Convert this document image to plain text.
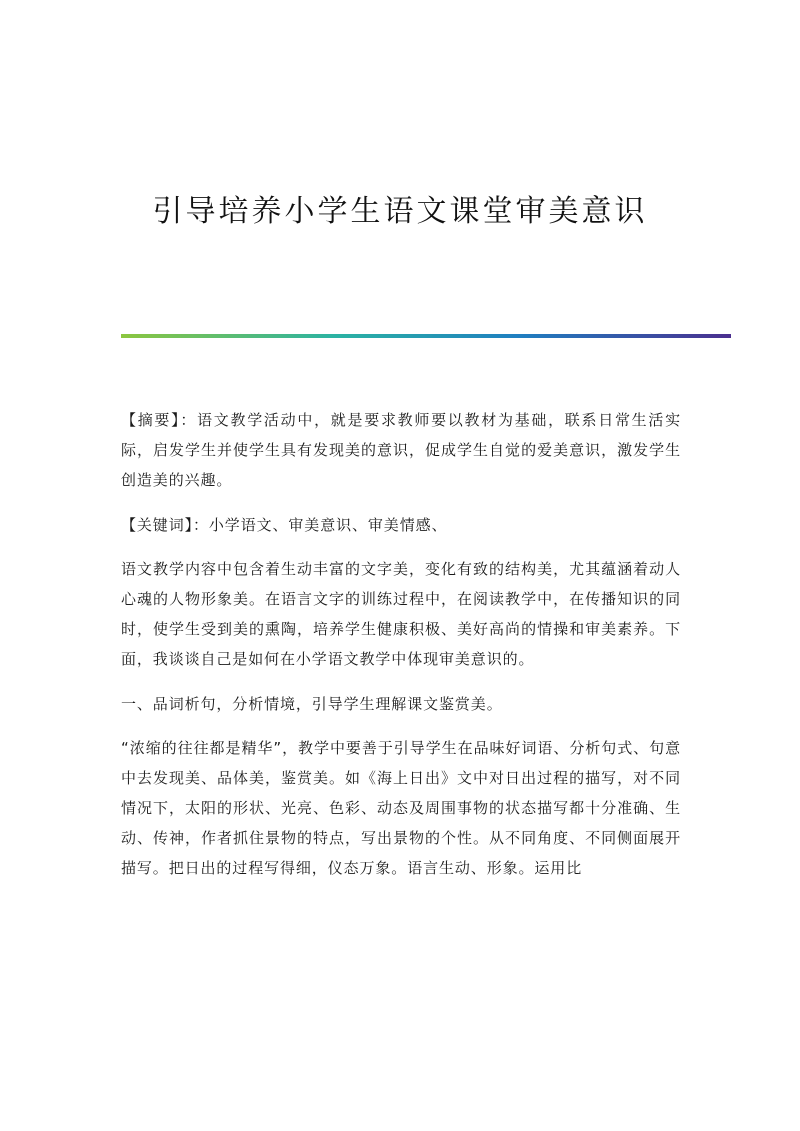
引导培养小学生语文课堂审美意识

【摘要】：语文教学活动中，就是要求教师要以教材为基础，联系日常生活实际，启发学生并使学生具有发现美的意识，促成学生自觉的爱美意识，激发学生创造美的兴趣。

【关键词】：小学语文、审美意识、审美情感、

语文教学内容中包含着生动丰富的文字美，变化有致的结构美，尤其蕴涵着动人心魂的人物形象美。在语言文字的训练过程中，在阅读教学中，在传播知识的同时，使学生受到美的熏陶，培养学生健康积极、美好高尚的情操和审美素养。下面，我谈谈自己是如何在小学语文教学中体现审美意识的。

一、品词析句，分析情境，引导学生理解课文鉴赏美。

“浓缩的往往都是精华”，教学中要善于引导学生在品味好词语、分析句式、句意中去发现美、品体美，鉴赏美。如《海上日出》文中对日出过程的描写，对不同情况下，太阳的形状、光亮、色彩、动态及周围事物的状态描写都十分准确、生动、传神，作者抓住景物的特点，写出景物的个性。从不同角度、不同侧面展开描写。把日出的过程写得细，仪态万象。语言生动、形象。运用比
